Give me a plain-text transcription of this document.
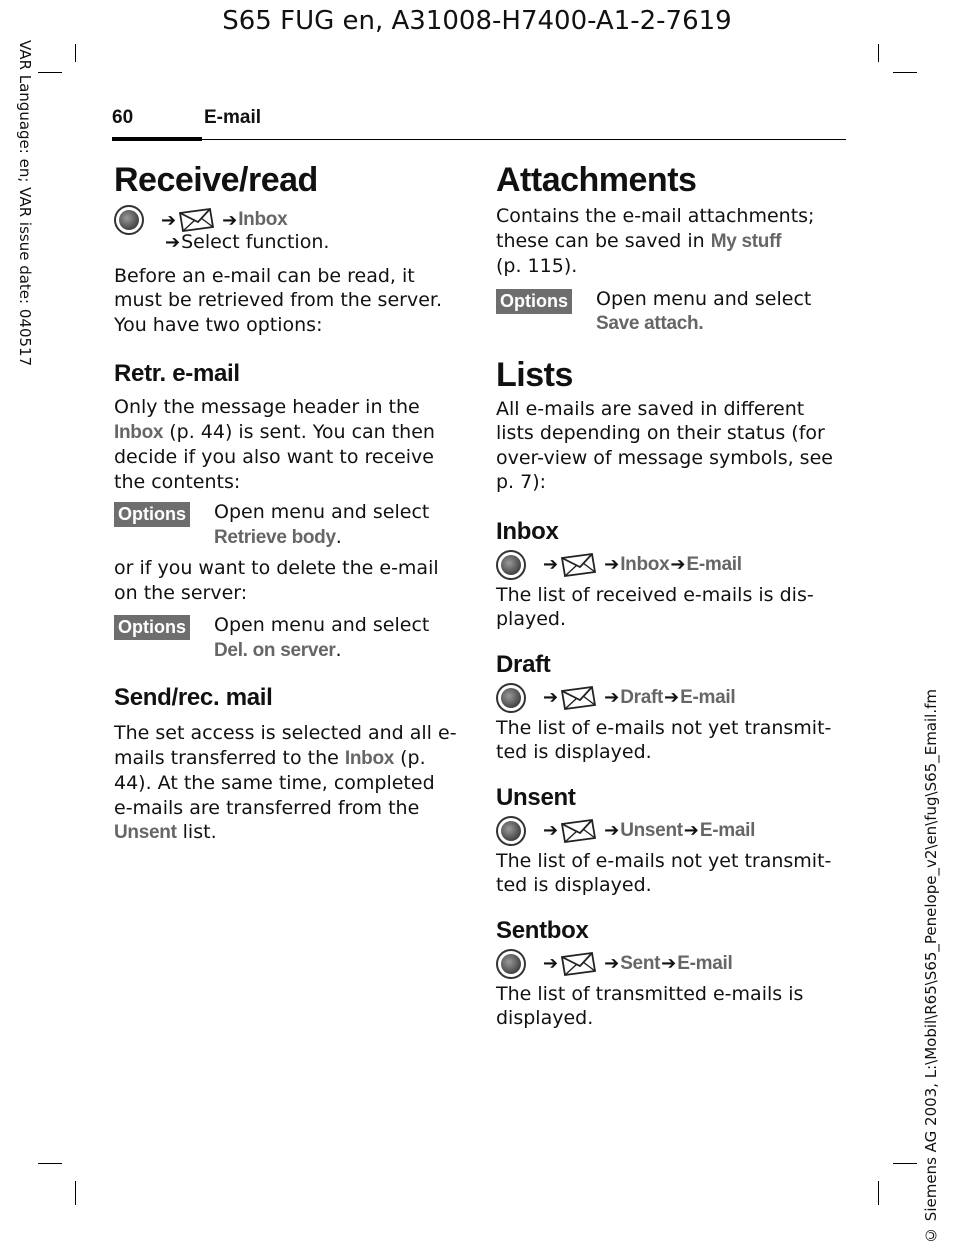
S65 FUG en, A31008-H7400-A1-2-7619
VAR Language: en; VAR issue date: 040517
© Siemens AG 2003, L:\Mobil\R65\S65_Penelope_v2\en\fug\S65_Email.fm
60	E-mail
Receive/read
➔	➔ Inbox

➔Select function.

Before an e-mail can be read, it must be retrieved from the server. You have two options:

Retr. e-mail

Only the message header in the Inbox (p. 44) is sent. You can then decide if you also want to receive the contents:

Options Open menu and select
Retrieve body.

or if you want to delete the e-mail on the server:

Options Open menu and select
Del. on server.

Send/rec. mail

The set access is selected and all e-mails transferred to the Inbox (p. 44). At the same time, completed e-mails are transferred from the Unsent list.

Attachments

Contains the e-mail attachments; these can be saved in My stuff
(p. 115).

Options Open menu and select
Save attach.

Lists

All e-mails are saved in different lists depending on their status (for over-view of message symbols, see p. 7):

Inbox
➔	➔ Inbox ➔ E-mail

The list of received e-mails is dis-played.

Draft
➔	➔ Draft ➔ E-mail

The list of e-mails not yet transmit-ted is displayed.

Unsent
➔	➔ Unsent ➔ E-mail

The list of e-mails not yet transmit-ted is displayed.

Sentbox
➔	➔ Sent ➔ E-mail

The list of transmitted e-mails is displayed.
